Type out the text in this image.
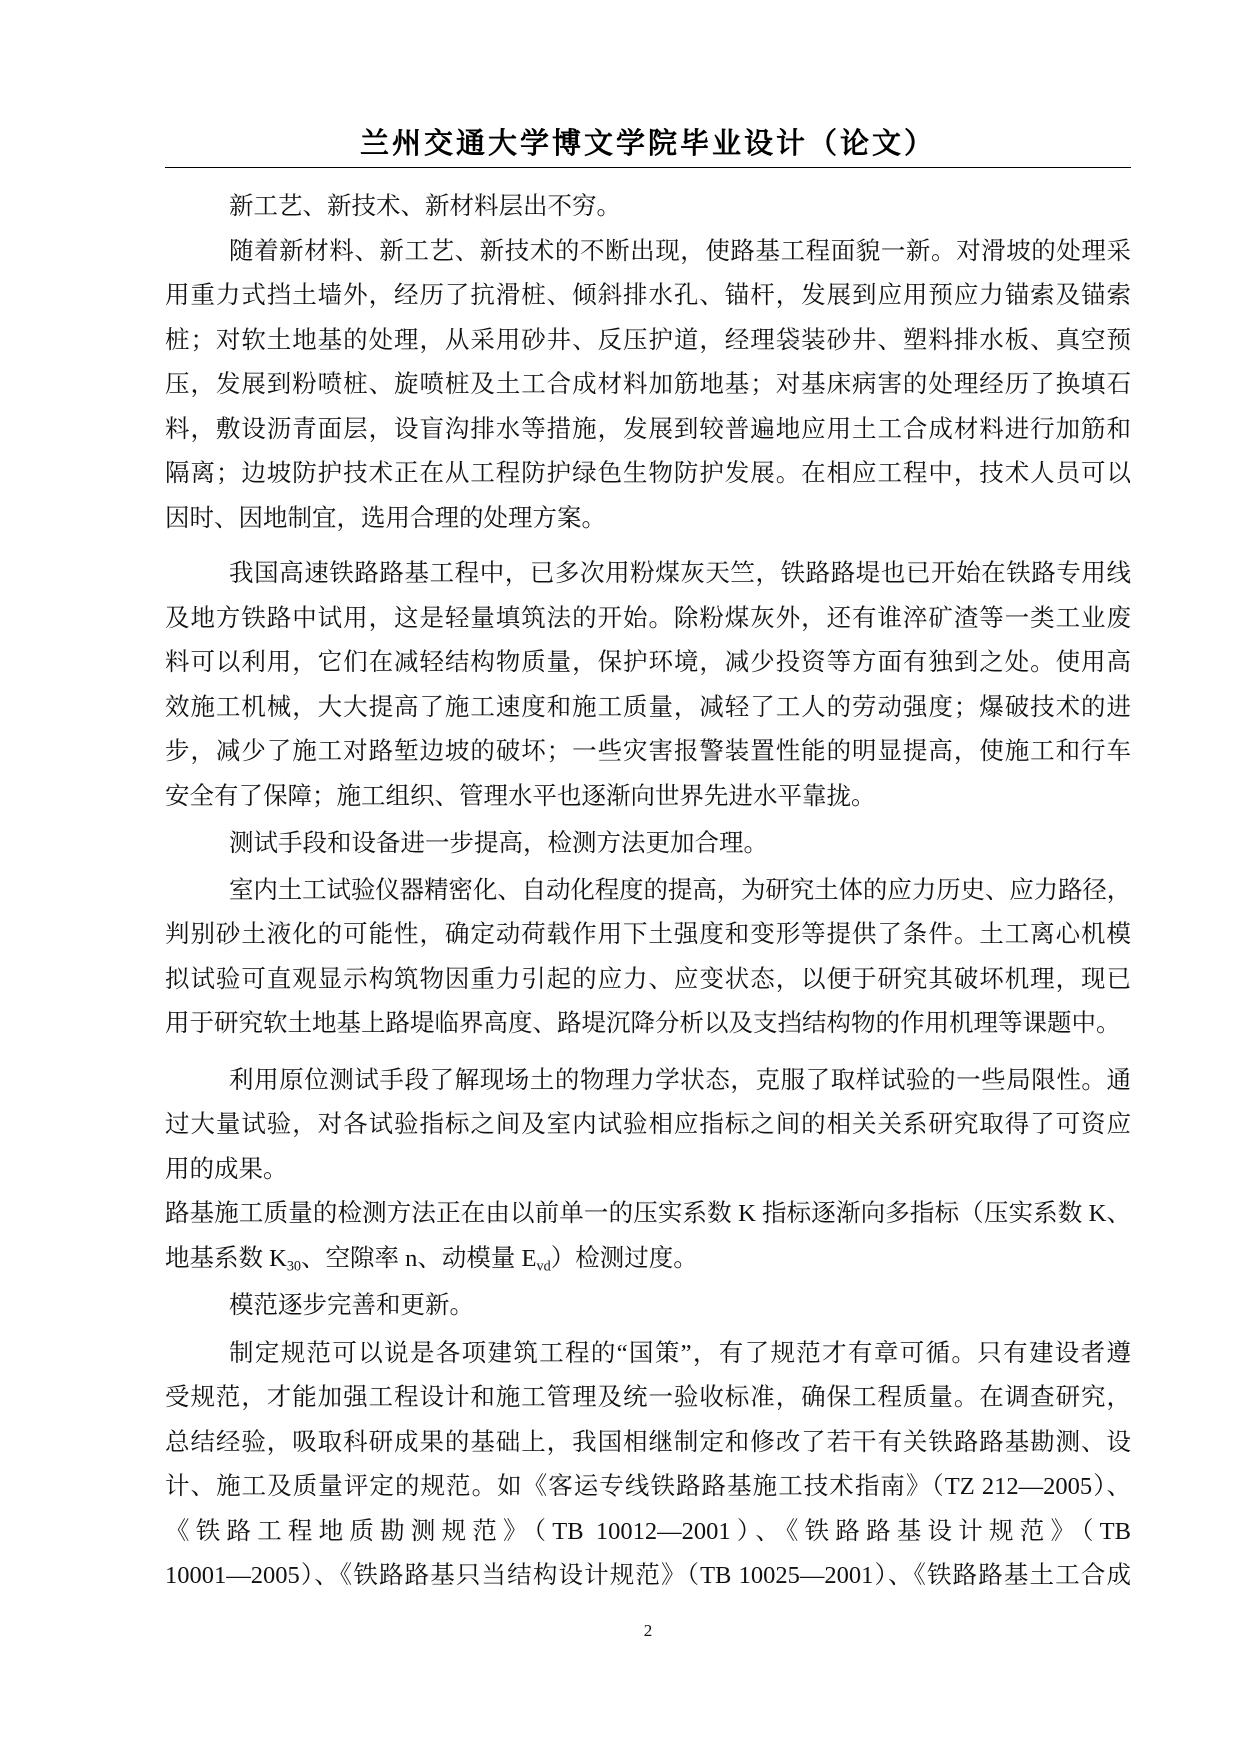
兰州交通大学博文学院毕业设计（论文）
新工艺、新技术、新材料层出不穷。
随着新材料、新工艺、新技术的不断出现，使路基工程面貌一新。对滑坡的处理采
用重力式挡土墙外，经历了抗滑桩、倾斜排水孔、锚杆，发展到应用预应力锚索及锚索
桩；对软土地基的处理，从采用砂井、反压护道，经理袋装砂井、塑料排水板、真空预
压，发展到粉喷桩、旋喷桩及土工合成材料加筋地基；对基床病害的处理经历了换填石
料，敷设沥青面层，设盲沟排水等措施，发展到较普遍地应用土工合成材料进行加筋和
隔离；边坡防护技术正在从工程防护绿色生物防护发展。在相应工程中，技术人员可以
因时、因地制宜，选用合理的处理方案。
我国高速铁路路基工程中，已多次用粉煤灰天竺，铁路路堤也已开始在铁路专用线
及地方铁路中试用，这是轻量填筑法的开始。除粉煤灰外，还有谁淬矿渣等一类工业废
料可以利用，它们在减轻结构物质量，保护环境，减少投资等方面有独到之处。使用高
效施工机械，大大提高了施工速度和施工质量，减轻了工人的劳动强度；爆破技术的进
步，减少了施工对路堑边坡的破坏；一些灾害报警装置性能的明显提高，使施工和行车
安全有了保障；施工组织、管理水平也逐渐向世界先进水平靠拢。
测试手段和设备进一步提高，检测方法更加合理。
室内土工试验仪器精密化、自动化程度的提高，为研究土体的应力历史、应力路径，
判别砂土液化的可能性，确定动荷载作用下土强度和变形等提供了条件。土工离心机模
拟试验可直观显示构筑物因重力引起的应力、应变状态，以便于研究其破坏机理，现已
用于研究软土地基上路堤临界高度、路堤沉降分析以及支挡结构物的作用机理等课题中。
利用原位测试手段了解现场土的物理力学状态，克服了取样试验的一些局限性。通
过大量试验，对各试验指标之间及室内试验相应指标之间的相关关系研究取得了可资应
用的成果。
路基施工质量的检测方法正在由以前单一的压实系数 K 指标逐渐向多指标（压实系数 K、
地基系数 $K_{30}$、空隙率 n、动模量 $E_{vd}$）检测过度。
模范逐步完善和更新。
制定规范可以说是各项建筑工程的“国策”，有了规范才有章可循。只有建设者遵
受规范，才能加强工程设计和施工管理及统一验收标准，确保工程质量。在调查研究，
总结经验，吸取科研成果的基础上，我国相继制定和修改了若干有关铁路路基勘测、设
计、施工及质量评定的规范。如《客运专线铁路路基施工技术指南》（TZ 212—2005）、
《铁路工程地质勘测规范》（TB 10012—2001）、《铁路路基设计规范》（TB
10001—2005）、《铁路路基只当结构设计规范》（TB 10025—2001）、《铁路路基土工合成
2
